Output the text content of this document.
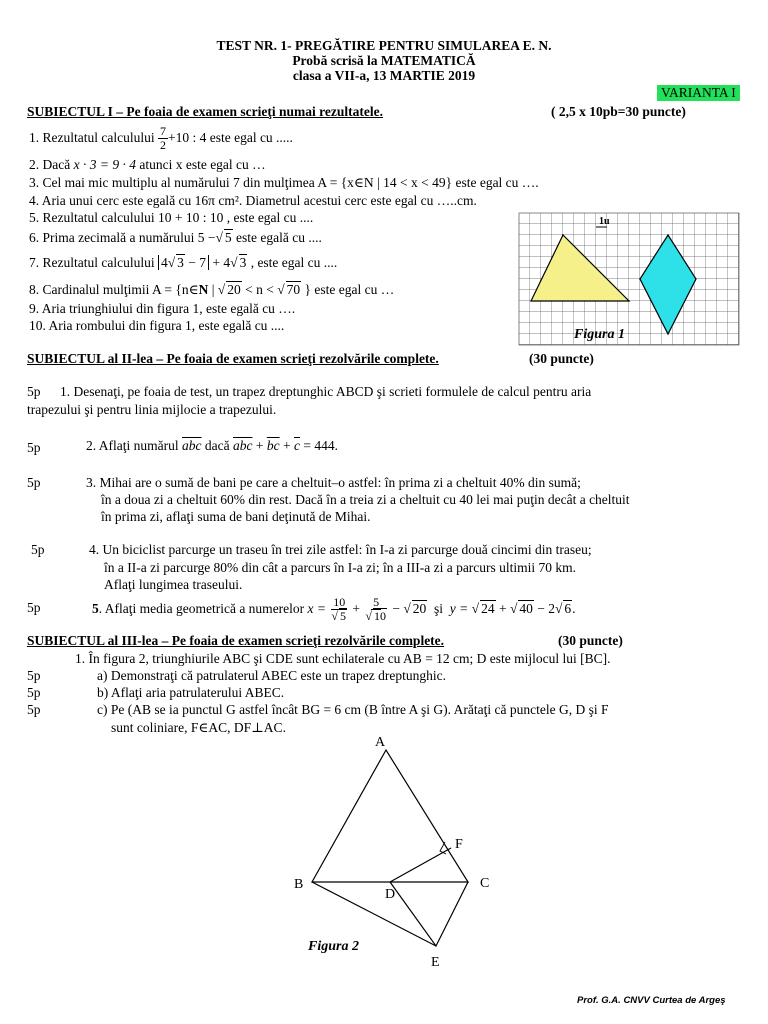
TEST NR. 1- PREGĂTIRE PENTRU SIMULAREA E. N.
Probă scrisă la MATEMATICĂ
clasa a VII-a, 13 MARTIE 2019
VARIANTA I
SUBIECTUL I – Pe foaia de examen scrieţi numai rezultatele.	( 2,5 x 10pb=30 puncte)
1. Rezultatul calculului $\frac{7}{2} +10$ : 4 este egal cu .....
2. Dacă x · 3 = 9 · 4 atunci x este egal cu …
3. Cel mai mic multiplu al numărului 7 din mulţimea A = {x∈N | 14 < x < 49} este egal cu ….
4. Aria unui cerc este egală cu 16π cm². Diametrul acestui cerc este egal cu …..cm.
5. Rezultatul calculului 10 + 10 : 10 , este egal cu ....
6. Prima zecimală a numărului 5 −√ 5 este egală cu ....
7. Rezultatul calculului 4√ 3 − 7 + 4√ 3 , este egal cu ....
8. Cardinalul mulţimii A = {n∈N | √ 20 < n < √ 70 } este egal cu …
9. Aria triunghiului din figura 1, este egală cu ….
10. Aria rombului din figura 1, este egală cu ....
1u
Figura 1
SUBIECTUL al II-lea – Pe foaia de examen scrieţi rezolvările complete.	(30 puncte)
5p 1. Desenaţi, pe foaia de test, un trapez dreptunghic ABCD şi scrieti formulele de calcul pentru aria
trapezului şi pentru linia mijlocie a trapezului.
5p	2. Aflaţi numărul $\overline{abc}$ dacă $\overline{abc} + \overline{bc} + \overline{c} = 444$.
5p	3. Mihai are o sumă de bani pe care a cheltuit–o astfel: în prima zi a cheltuit 40% din sumă;
în a doua zi a cheltuit 60% din rest. Dacă în a treia zi a cheltuit cu 40 lei mai puţin decât a cheltuit
în prima zi, aflaţi suma de bani deţinută de Mihai.
5p	4. Un biciclist parcurge un traseu în trei zile astfel: în I-a zi parcurge două cincimi din traseu;
în a II-a zi parcurge 80% din cât a parcurs în I-a zi; în a III-a zi a parcurs ultimii 70 km.
Aflaţi lungimea traseului.
5p	5. Aflaţi media geometrică a numerelor $x = \frac{10}{√ 5} + \frac{5}{√ 10}$ − √ 20 şi y = √ 24 + √ 40 − 2√ 6.
SUBIECTUL al III-lea – Pe foaia de examen scrieţi rezolvările complete.	(30 puncte)
1. În figura 2, triunghiurile ABC şi CDE sunt echilaterale cu AB = 12 cm; D este mijlocul lui [BC].
5p	a) Demonstraţi că patrulaterul ABEC este un trapez dreptunghic.
5p	b) Aflaţi aria patrulaterului ABEC.
5p	c) Pe (AB se ia punctul G astfel încât BG = 6 cm (B între A şi G). Arătaţi că punctele G, D şi F
sunt coliniare, F∈AC, DF⊥AC.
A
B	C
D
E
F
Figura 2
Prof. G.A. CNVV Curtea de Argeş
